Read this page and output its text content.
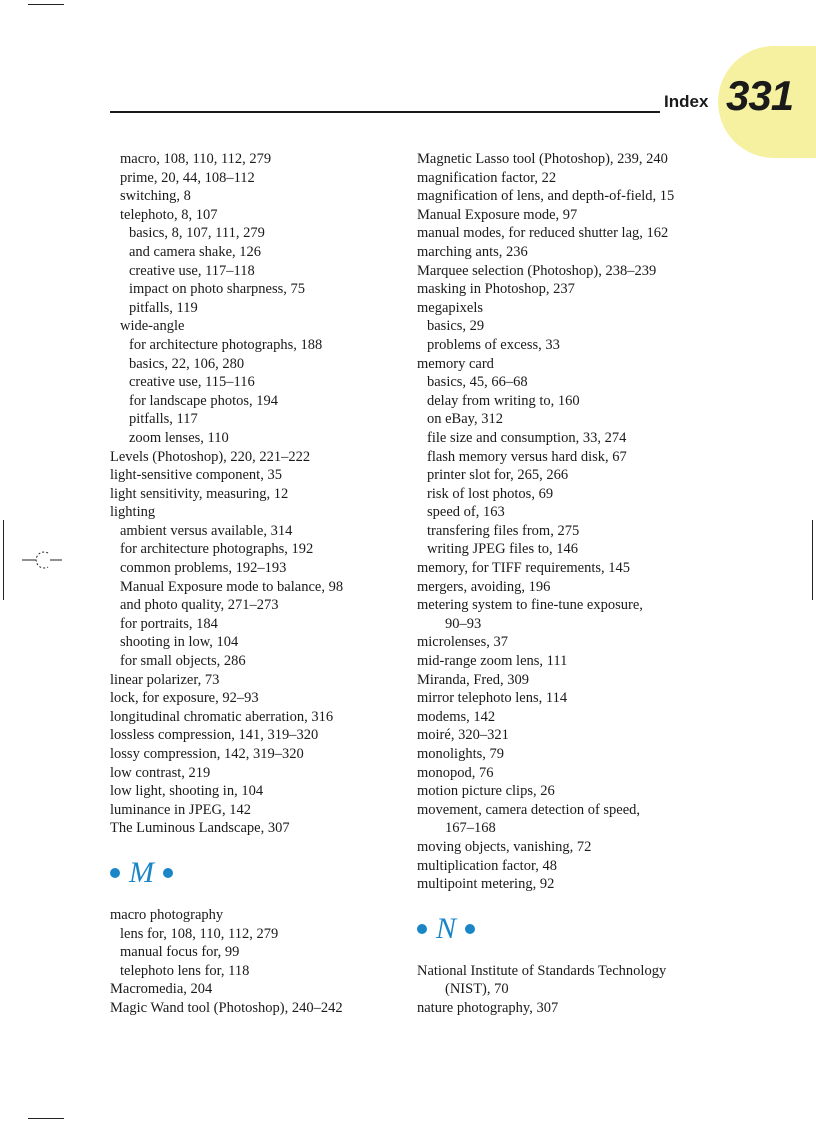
331
Index
macro, 108, 110, 112, 279
prime, 20, 44, 108–112
switching, 8
telephoto, 8, 107
basics, 8, 107, 111, 279
and camera shake, 126
creative use, 117–118
impact on photo sharpness, 75
pitfalls, 119
wide-angle
for architecture photographs, 188
basics, 22, 106, 280
creative use, 115–116
for landscape photos, 194
pitfalls, 117
zoom lenses, 110
Levels (Photoshop), 220, 221–222
light-sensitive component, 35
light sensitivity, measuring, 12
lighting
ambient versus available, 314
for architecture photographs, 192
common problems, 192–193
Manual Exposure mode to balance, 98
and photo quality, 271–273
for portraits, 184
shooting in low, 104
for small objects, 286
linear polarizer, 73
lock, for exposure, 92–93
longitudinal chromatic aberration, 316
lossless compression, 141, 319–320
lossy compression, 142, 319–320
low contrast, 219
low light, shooting in, 104
luminance in JPEG, 142
The Luminous Landscape, 307
M
macro photography
lens for, 108, 110, 112, 279
manual focus for, 99
telephoto lens for, 118
Macromedia, 204
Magic Wand tool (Photoshop), 240–242
Magnetic Lasso tool (Photoshop), 239, 240
magnification factor, 22
magnification of lens, and depth-of-field, 15
Manual Exposure mode, 97
manual modes, for reduced shutter lag, 162
marching ants, 236
Marquee selection (Photoshop), 238–239
masking in Photoshop, 237
megapixels
basics, 29
problems of excess, 33
memory card
basics, 45, 66–68
delay from writing to, 160
on eBay, 312
file size and consumption, 33, 274
flash memory versus hard disk, 67
printer slot for, 265, 266
risk of lost photos, 69
speed of, 163
transfering files from, 275
writing JPEG files to, 146
memory, for TIFF requirements, 145
mergers, avoiding, 196
metering system to fine-tune exposure,
90–93
microlenses, 37
mid-range zoom lens, 111
Miranda, Fred, 309
mirror telephoto lens, 114
modems, 142
moiré, 320–321
monolights, 79
monopod, 76
motion picture clips, 26
movement, camera detection of speed,
167–168
moving objects, vanishing, 72
multiplication factor, 48
multipoint metering, 92
N
National Institute of Standards Technology
(NIST), 70
nature photography, 307
